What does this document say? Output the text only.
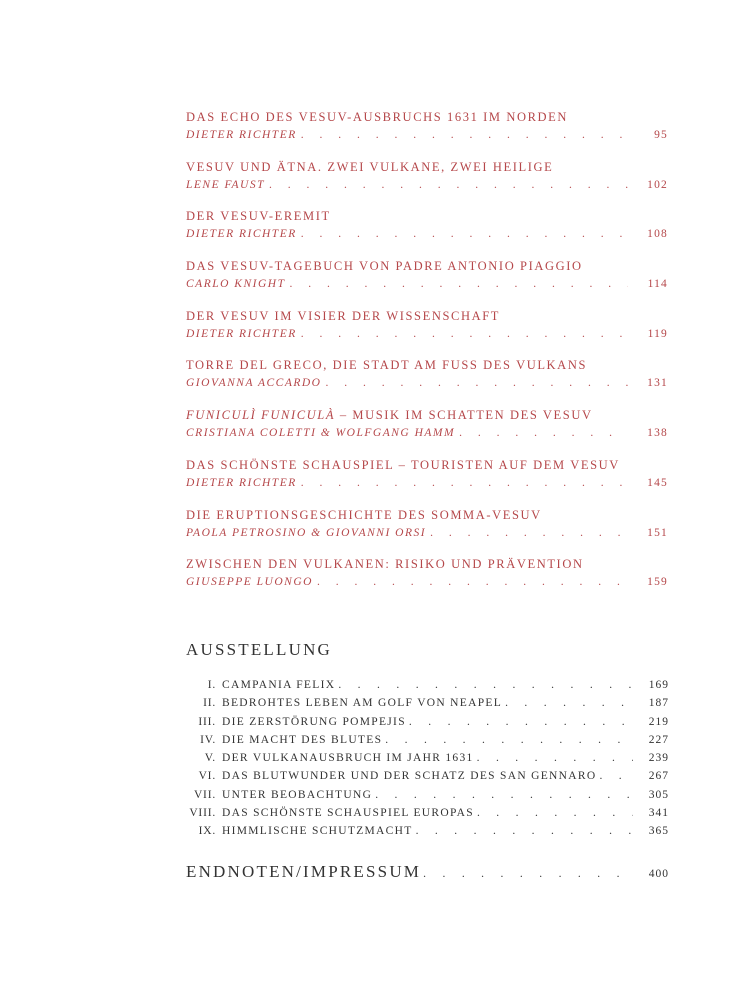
DAS ECHO DES VESUV-AUSBRUCHS 1631 IM NORDEN
DIETER RICHTER . . .	95
VESUV UND ÄTNA. ZWEI VULKANE, ZWEI HEILIGE
LENE FAUST . . .	102
DER VESUV-EREMIT
DIETER RICHTER . . .	108
DAS VESUV-TAGEBUCH VON PADRE ANTONIO PIAGGIO
CARLO KNIGHT . . .	114
DER VESUV IM VISIER DER WISSENSCHAFT
DIETER RICHTER . . .	119
TORRE DEL GRECO, DIE STADT AM FUSS DES VULKANS
GIOVANNA ACCARDO . . .	131
FUNICULÌ FUNICULÀ – MUSIK IM SCHATTEN DES VESUV
CRISTIANA COLETTI & WOLFGANG HAMM . . .	138
DAS SCHÖNSTE SCHAUSPIEL – TOURISTEN AUF DEM VESUV
DIETER RICHTER . . .	145
DIE ERUPTIONSGESCHICHTE DES SOMMA-VESUV
PAOLA PETROSINO & GIOVANNI ORSI . . .	151
ZWISCHEN DEN VULKANEN: RISIKO UND PRÄVENTION
GIUSEPPE LUONGO . . .	159
AUSSTELLUNG
I. CAMPANIA FELIX . . .	169
II. BEDROHTES LEBEN AM GOLF VON NEAPEL . . .	187
III. DIE ZERSTÖRUNG POMPEJIS . . .	219
IV. DIE MACHT DES BLUTES . . .	227
V. DER VULKANAUSBRUCH IM JAHR 1631 . . .	239
VI. DAS BLUTWUNDER UND DER SCHATZ DES SAN GENNARO . . .	267
VII. UNTER BEOBACHTUNG . . .	305
VIII. DAS SCHÖNSTE SCHAUSPIEL EUROPAS . . .	341
IX. HIMMLISCHE SCHUTZMACHT . . .	365
ENDNOTEN/IMPRESSUM . . .	400
